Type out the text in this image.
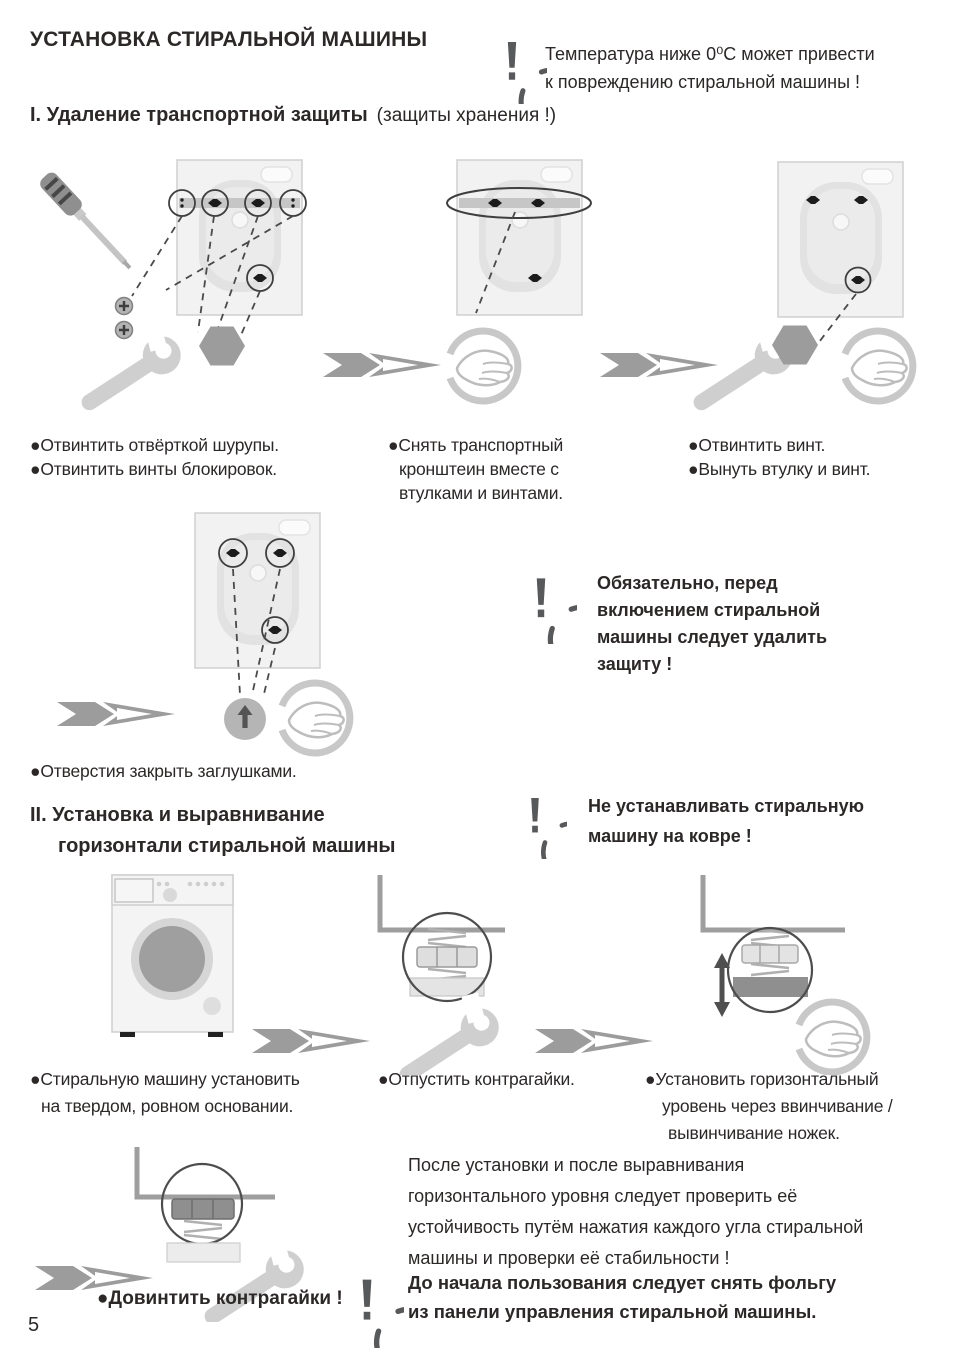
УСТАНОВКА СТИРАЛЬНОЙ МАШИНЫ
Температура ниже 0⁰С может привести
к повреждению стиральной машины !
I. Удаление транспортной защиты (защиты хранения !)
●Отвинтить отвёрткой шурупы.
●Отвинтить винты блокировок.
●Снять транспортный
кронштеин вместе с
втулками и винтами.
●Отвинтить винт.
●Вынуть втулку и винт.
Обязательно, перед
включением стиральной
машины следует удалить
защиту !
●Отверстия закрыть заглушками.
II. Установка и выравнивание
горизонтали стиральной машины
Не устанавливать стиральную
машину на ковре !
●Стиральную машину установить
на твердом, ровном основании.
●Отпустить контрагайки.	●Установить горизонтальный
уровень через ввинчивание /
вывинчивание ножек.
После установки и после выравнивания
горизонтального уровня следует проверить её
устойчивость путём нажатия каждого угла стиральной
машины и проверки её стабильности !
До начала пользования следует снять фольгу
из панели управления стиральной машины.
●Довинтить контрагайки !
5
